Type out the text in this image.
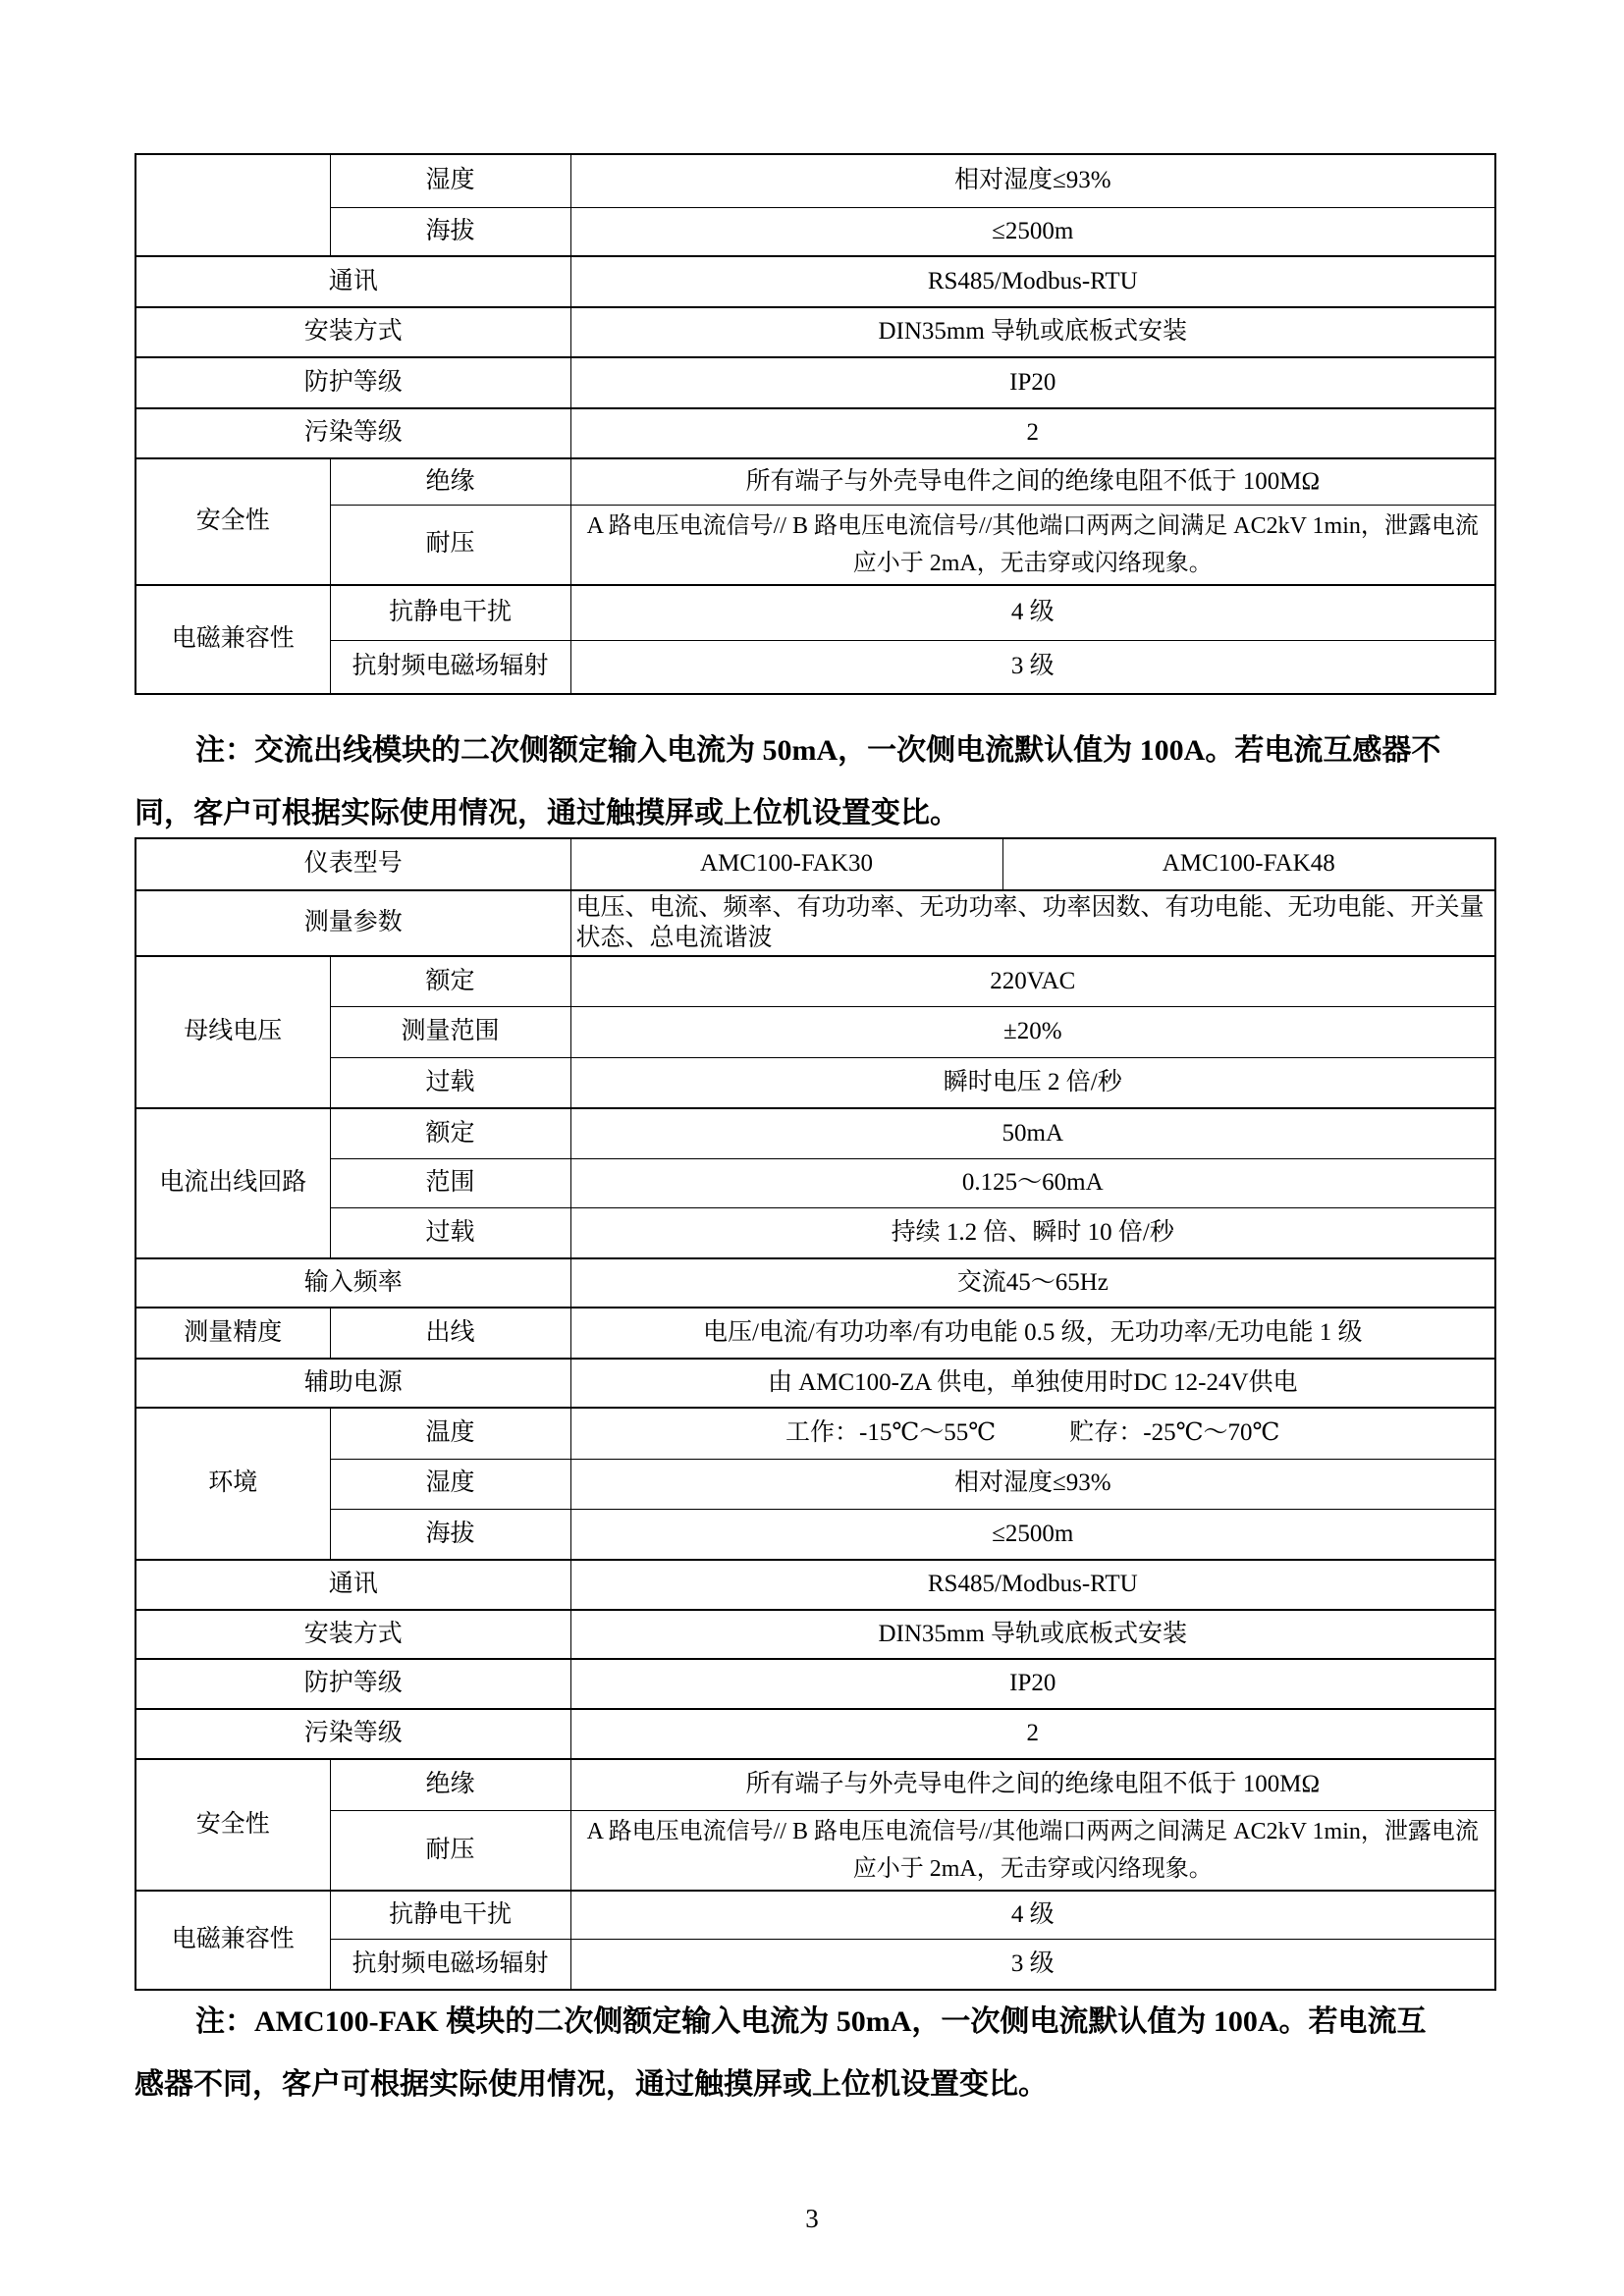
	湿度	相对湿度≤93%
	海拔	≤2500m
通讯		RS485/Modbus-RTU
安装方式		DIN35mm 导轨或底板式安装
防护等级		IP20
污染等级		2
安全性	绝缘	所有端子与外壳导电件之间的绝缘电阻不低于 100MΩ
	耐压	A 路电压电流信号// B 路电压电流信号//其他端口两两之间满足 AC2kV 1min，泄露电流应小于 2mA，无击穿或闪络现象。
电磁兼容性	抗静电干扰	4 级
	抗射频电磁场辐射	3 级

注：交流出线模块的二次侧额定输入电流为 50mA，一次侧电流默认值为 100A。若电流互感器不同，客户可根据实际使用情况，通过触摸屏或上位机设置变比。

仪表型号		AMC100-FAK30	AMC100-FAK48
测量参数		电压、电流、频率、有功功率、无功功率、功率因数、有功电能、无功电能、开关量状态、总电流谐波	
母线电压	额定	220VAC	
	测量范围	±20%	
	过载	瞬时电压 2 倍/秒	
电流出线回路	额定	50mA	
	范围	0.125～60mA	
	过载	持续 1.2 倍、瞬时 10 倍/秒	
输入频率		交流45～65Hz	
测量精度	出线	电压/电流/有功功率/有功电能 0.5 级，无功功率/无功电能 1 级	
辅助电源		由 AMC100-ZA 供电，单独使用时DC 12-24V供电	
环境	温度	工作：-15℃～55℃　　　贮存：-25℃～70℃	
	湿度	相对湿度≤93%	
	海拔	≤2500m	
通讯		RS485/Modbus-RTU	
安装方式		DIN35mm 导轨或底板式安装	
防护等级		IP20	
污染等级		2	
安全性	绝缘	所有端子与外壳导电件之间的绝缘电阻不低于 100MΩ	
	耐压	A 路电压电流信号// B 路电压电流信号//其他端口两两之间满足 AC2kV 1min，泄露电流应小于 2mA，无击穿或闪络现象。	
电磁兼容性	抗静电干扰	4 级	
	抗射频电磁场辐射	3 级	

注：AMC100-FAK 模块的二次侧额定输入电流为 50mA，一次侧电流默认值为 100A。若电流互感器不同，客户可根据实际使用情况，通过触摸屏或上位机设置变比。

3
